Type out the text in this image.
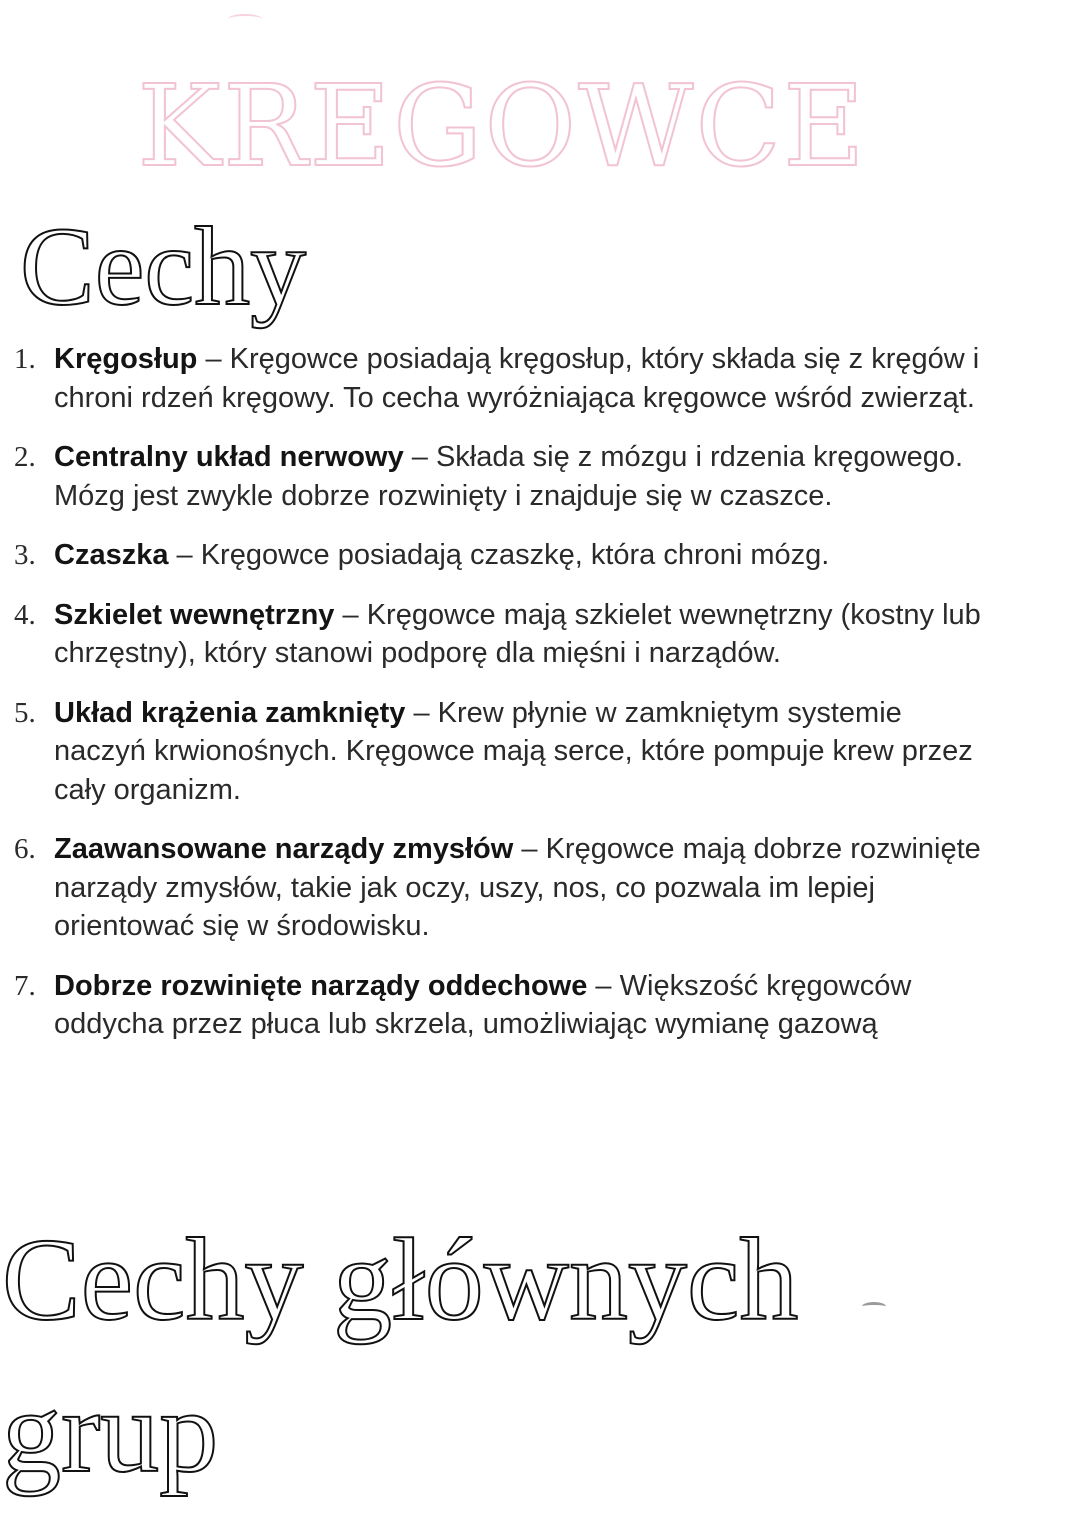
KREGOWCE
Cechy
1. Kręgosłup – Kręgowce posiadają kręgosłup, który składa się z kręgów i chroni rdzeń kręgowy. To cecha wyróżniająca kręgowce wśród zwierząt.
2. Centralny układ nerwowy – Składa się z mózgu i rdzenia kręgowego. Mózg jest zwykle dobrze rozwinięty i znajduje się w czaszce.
3. Czaszka – Kręgowce posiadają czaszkę, która chroni mózg.
4. Szkielet wewnętrzny – Kręgowce mają szkielet wewnętrzny (kostny lub chrzęstny), który stanowi podporę dla mięśni i narządów.
5. Układ krążenia zamknięty – Krew płynie w zamkniętym systemie naczyń krwionośnych. Kręgowce mają serce, które pompuje krew przez cały organizm.
6. Zaawansowane narządy zmysłów – Kręgowce mają dobrze rozwinięte narządy zmysłów, takie jak oczy, uszy, nos, co pozwala im lepiej orientować się w środowisku.
7. Dobrze rozwinięte narządy oddechowe – Większość kręgowców oddycha przez płuca lub skrzela, umożliwiając wymianę gazową
Cechy głównych grup
